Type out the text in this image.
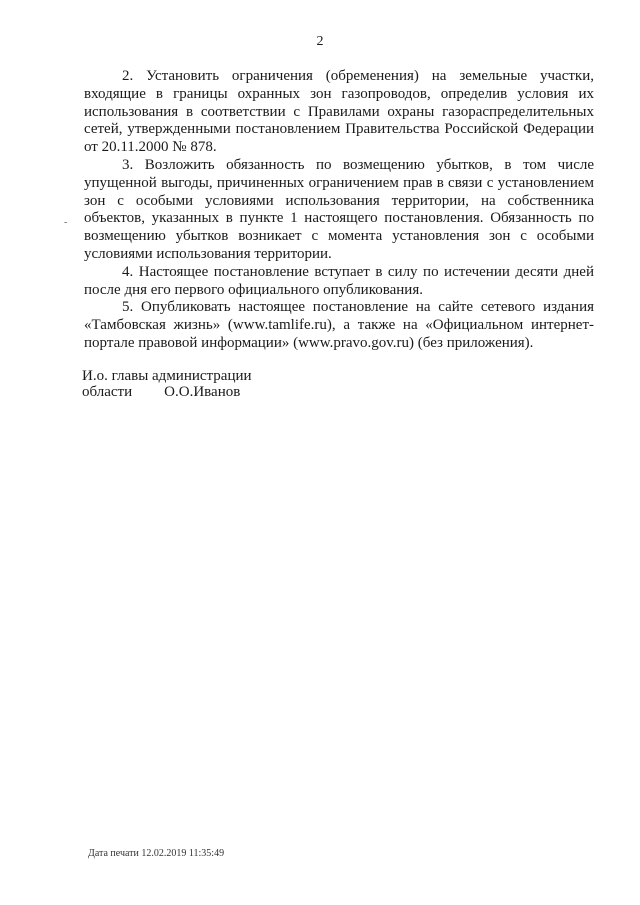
2

2. Установить ограничения (обременения) на земельные участки, входящие в границы охранных зон газопроводов, определив условия их использования в соответствии с Правилами охраны газораспределительных сетей, утвержденными постановлением Правительства Российской Федерации от 20.11.2000 № 878.

3. Возложить обязанность по возмещению убытков, в том числе упущенной выгоды, причиненных ограничением прав в связи с установлением зон с особыми условиями использования территории, на собственника объектов, указанных в пункте 1 настоящего постановления. Обязанность по возмещению убытков возникает с момента установления зон с особыми условиями использования территории.

4. Настоящее постановление вступает в силу по истечении десяти дней после дня его первого официального опубликования.

5. Опубликовать настоящее постановление на сайте сетевого издания «Тамбовская жизнь» (www.tamlife.ru), а также на «Официальном интернет-портале правовой информации» (www.pravo.gov.ru) (без приложения).

-
И.о. главы администрации
области О.О.Иванов
Дата печати 12.02.2019 11:35:49
